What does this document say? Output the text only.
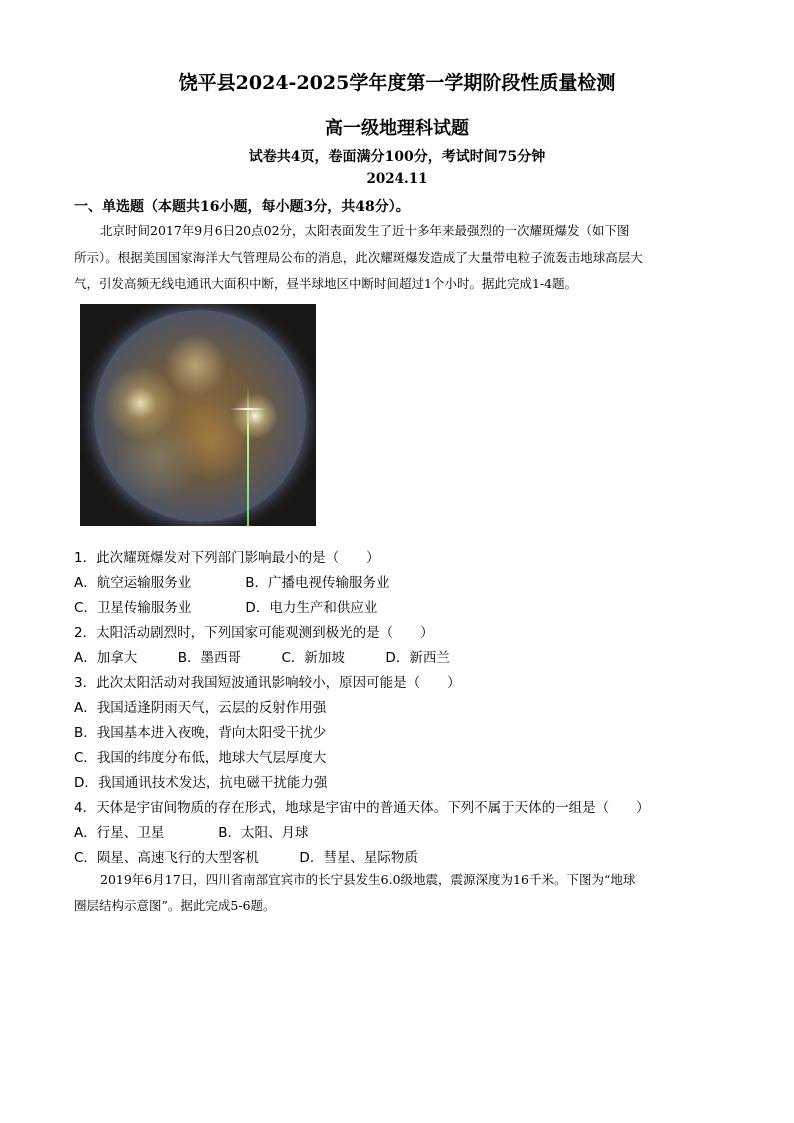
饶平县2024-2025学年度第一学期阶段性质量检测
高一级地理科试题
试卷共4页，卷面满分100分，考试时间75分钟
2024.11
一、单选题（本题共16小题，每小题3分，共48分）。
北京时间2017年9月6日20点02分，太阳表面发生了近十多年来最强烈的一次耀斑爆发（如下图
所示）。根据美国国家海洋大气管理局公布的消息，此次耀斑爆发造成了大量带电粒子流轰击地球高层大
气，引发高频无线电通讯大面积中断，昼半球地区中断时间超过1个小时。据此完成1-4题。
1．此次耀斑爆发对下列部门影响最小的是（　　）
A．航空运输服务业　　　　B．广播电视传输服务业
C．卫星传输服务业　　　　D．电力生产和供应业
2．太阳活动剧烈时，下列国家可能观测到极光的是（　　）
A．加拿大　　　B．墨西哥　　　C．新加坡　　　D．新西兰
3．此次太阳活动对我国短波通讯影响较小，原因可能是（　　）
A．我国适逢阴雨天气，云层的反射作用强
B．我国基本进入夜晚，背向太阳受干扰少
C．我国的纬度分布低，地球大气层厚度大
D．我国通讯技术发达，抗电磁干扰能力强
4．天体是宇宙间物质的存在形式，地球是宇宙中的普通天体。下列不属于天体的一组是（　　）
A．行星、卫星　　　　B．太阳、月球
C．陨星、高速飞行的大型客机　　　D．彗星、星际物质
2019年6月17日，四川省南部宜宾市的长宁县发生6.0级地震，震源深度为16千米。下图为“地球
圈层结构示意图”。据此完成5-6题。
